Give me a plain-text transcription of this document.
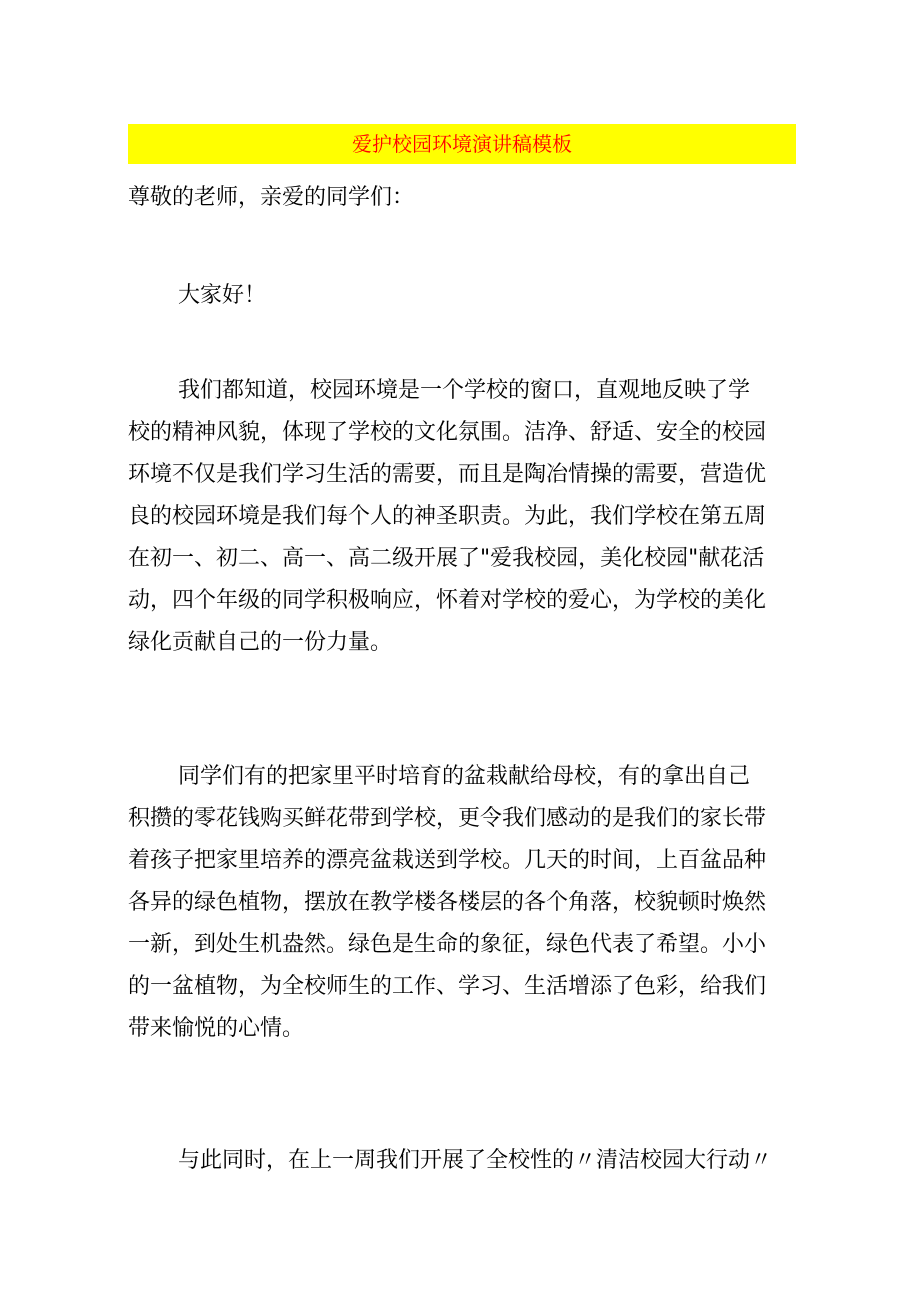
爱护校园环境演讲稿模板
尊敬的老师，亲爱的同学们：
大家好！
我们都知道，校园环境是一个学校的窗口，直观地反映了学
校的精神风貌，体现了学校的文化氛围。洁净、舒适、安全的校园
环境不仅是我们学习生活的需要，而且是陶冶情操的需要，营造优
良的校园环境是我们每个人的神圣职责。为此，我们学校在第五周
在初一、初二、高一、高二级开展了"爱我校园，美化校园"献花活
动，四个年级的同学积极响应，怀着对学校的爱心，为学校的美化
绿化贡献自己的一份力量。
同学们有的把家里平时培育的盆栽献给母校，有的拿出自己
积攒的零花钱购买鲜花带到学校，更令我们感动的是我们的家长带
着孩子把家里培养的漂亮盆栽送到学校。几天的时间，上百盆品种
各异的绿色植物，摆放在教学楼各楼层的各个角落，校貌顿时焕然
一新，到处生机盎然。绿色是生命的象征，绿色代表了希望。小小
的一盆植物，为全校师生的工作、学习、生活增添了色彩，给我们
带来愉悦的心情。
与此同时，在上一周我们开展了全校性的〃清洁校园大行动〃
